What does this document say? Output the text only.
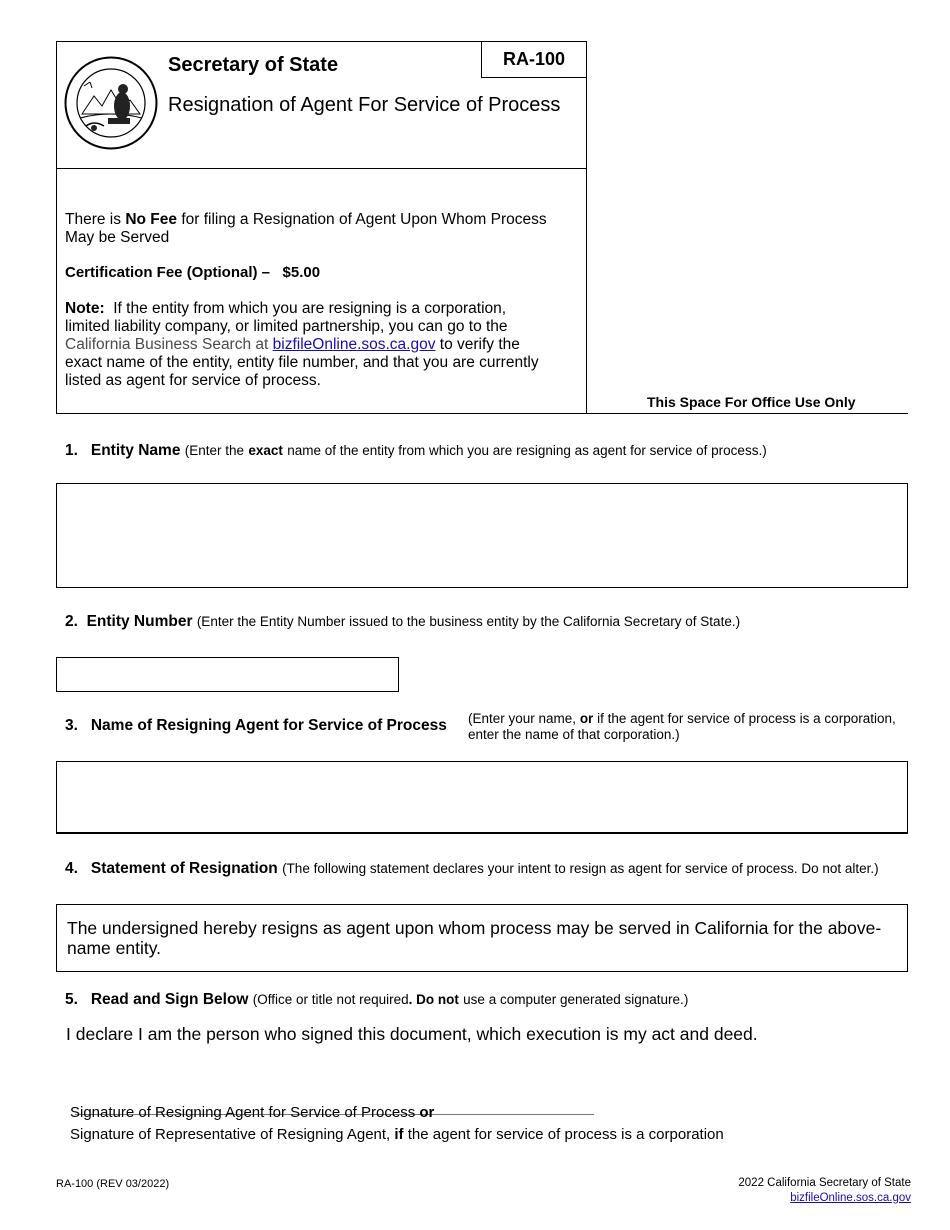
RA-100
Secretary of State
Resignation of Agent For Service of Process
There is No Fee for filing a Resignation of Agent Upon Whom Process May be Served
Certification Fee (Optional) – $5.00
Note: If the entity from which you are resigning is a corporation, limited liability company, or limited partnership, you can go to the California Business Search at bizfileOnline.sos.ca.gov to verify the exact name of the entity, entity file number, and that you are currently listed as agent for service of process.
This Space For Office Use Only
1. Entity Name (Enter the exact name of the entity from which you are resigning as agent for service of process.)
2. Entity Number (Enter the Entity Number issued to the business entity by the California Secretary of State.)
3. Name of Resigning Agent for Service of Process (Enter your name, or if the agent for service of process is a corporation, enter the name of that corporation.)
4. Statement of Resignation (The following statement declares your intent to resign as agent for service of process. Do not alter.)
The undersigned hereby resigns as agent upon whom process may be served in California for the above-name entity.
5. Read and Sign Below (Office or title not required. Do not use a computer generated signature.)
I declare I am the person who signed this document, which execution is my act and deed.
Signature of Resigning Agent for Service of Process or
Signature of Representative of Resigning Agent, if the agent for service of process is a corporation
RA-100 (REV 03/2022)	2022 California Secretary of State
bizfileOnline.sos.ca.gov
